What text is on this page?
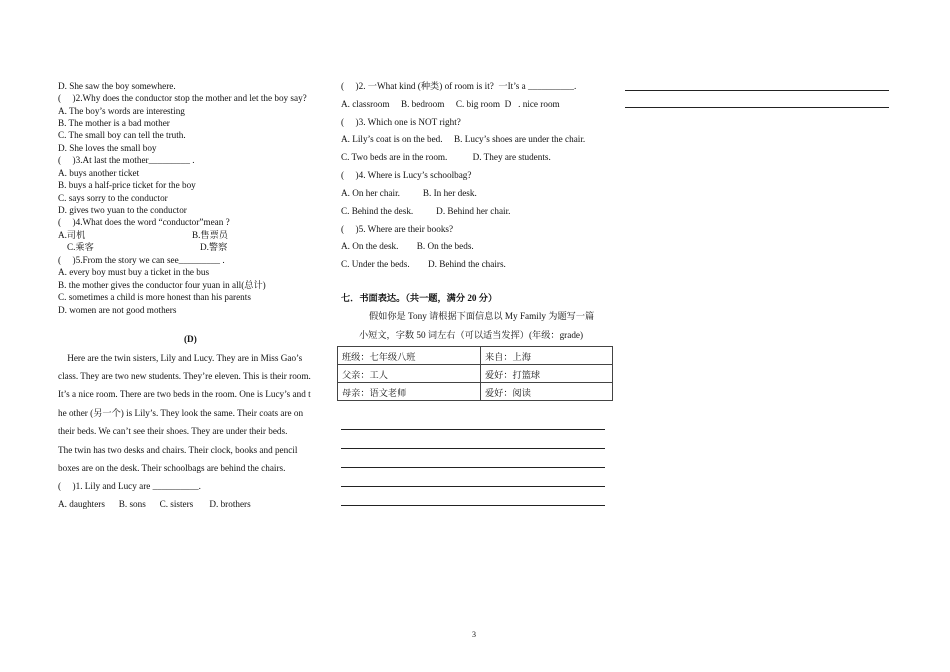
D. She saw the boy somewhere.
(     )2.Why does the conductor stop the mother and let the boy say?
A. The boy’s words are interesting
B. The mother is a bad mother
C. The small boy can tell the truth.
D. She loves the small boy
(     )3.At last the mother_________ .
A. buys another ticket
B. buys a half-price ticket for the boy
C. says sorry to the conductor
D. gives two yuan to the conductor
(     )4.What does the word “conductor”mean ?
A.司机	B.售票员
C.乘客	D.警察
(     )5.From the story we can see_________ .
A. every boy must buy a ticket in the bus
B. the mother gives the conductor four yuan in all(总计)
C. sometimes a child is more honest than his parents
D. women are not good mothers
(D)
Here are the twin sisters, Lily and Lucy. They are in Miss Gao’s
class. They are two new students. They’re eleven. This is their room.
It’s a nice room. There are two beds in the room. One is Lucy’s and t
he other (另一个) is Lily’s. They look the same. Their coats are on
their beds. We can’t see their shoes. They are under their beds.
The twin has two desks and chairs. Their clock, books and pencil
boxes are on the desk. Their schoolbags are behind the chairs.
(     )1. Lily and Lucy are __________.
A. daughters      B. sons      C. sisters       D. brothers
(     )2. 一What kind (种类) of room is it?  一It’s a __________.
A. classroom     B. bedroom     C. big room  D   . nice room
(     )3. Which one is NOT right?
A. Lily’s coat is on the bed.     B. Lucy’s shoes are under the chair.
C. Two beds are in the room.           D. They are students.
(     )4. Where is Lucy’s schoolbag?
A. On her chair.          B. In her desk.
C. Behind the desk.          D. Behind her chair.
(     )5. Where are their books?
A. On the desk.        B. On the beds.
C. Under the beds.        D. Behind the chairs.
七．书面表达。（共一题，满分 20 分）
假如你是 Tony 请根据下面信息以 My Family 为题写一篇
小短文，字数 50 词左右（可以适当发挥）(年级：grade)
班级：七年级八班	来自：上海
父亲：工人	爱好：打篮球
母亲：语文老师	爱好：阅读
3
